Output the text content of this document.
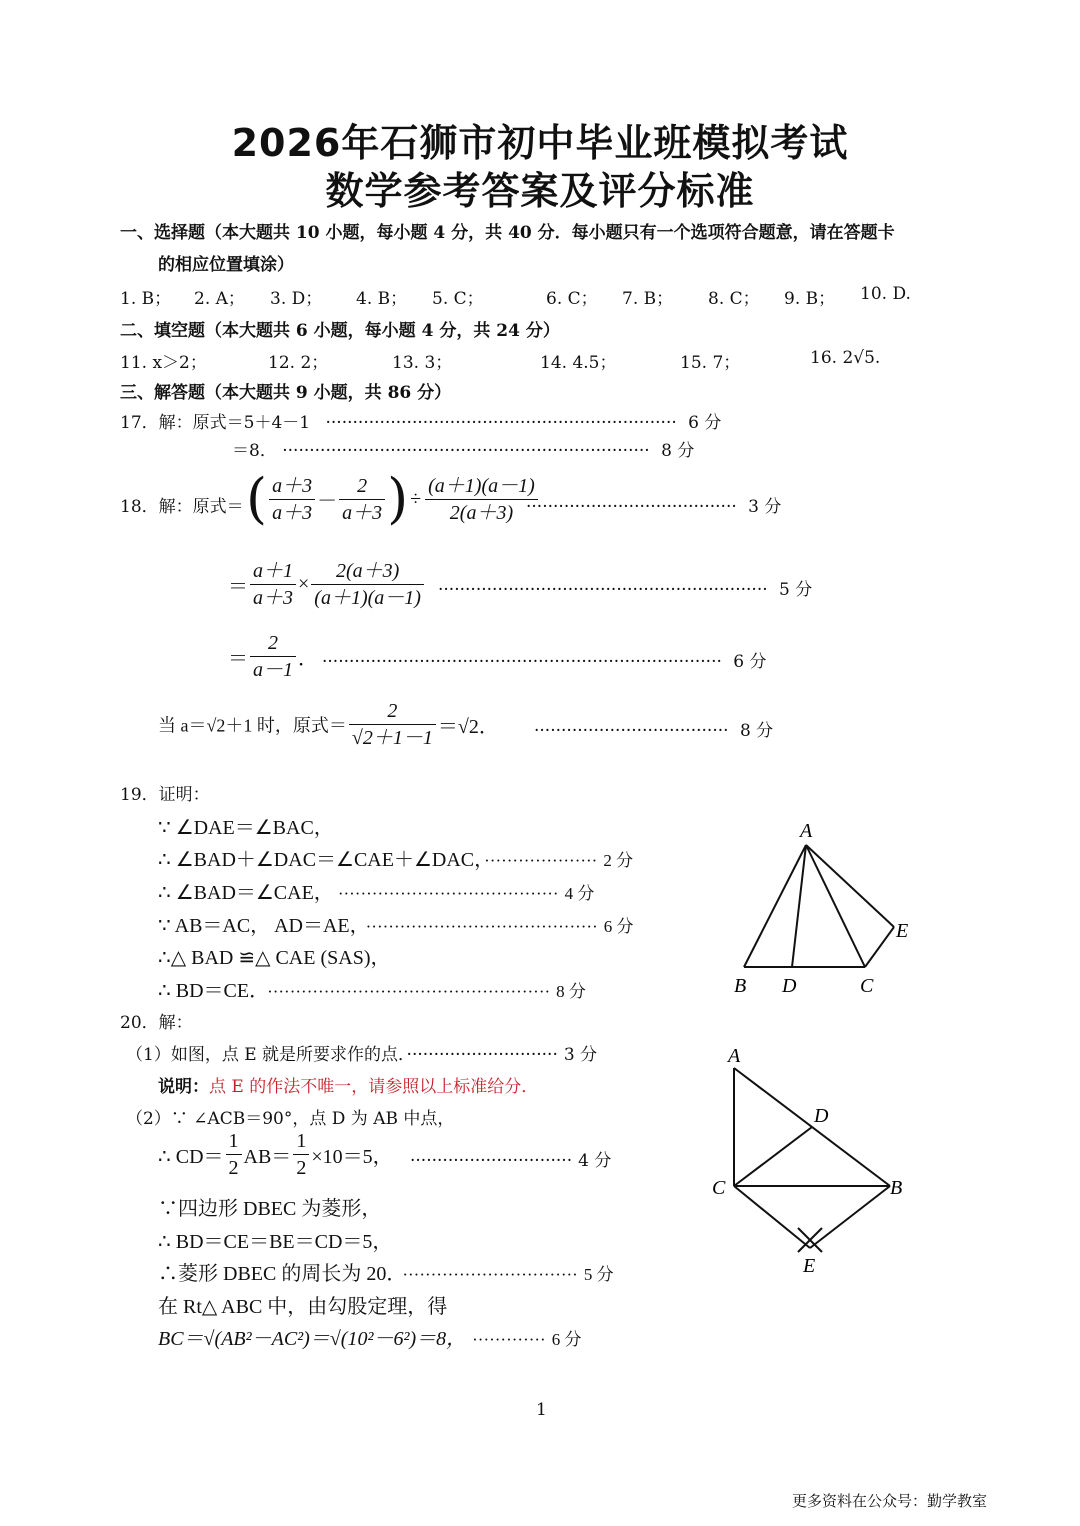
2026年石狮市初中毕业班模拟考试
数学参考答案及评分标准
一、选择题（本大题共 10 小题，每小题 4 分，共 40 分．每小题只有一个选项符合题意，请在答题卡
的相应位置填涂）
1. B； 2. A； 3. D； 4. B； 5. C；	6. C； 7. B； 8. C； 9. B； 10. D.
二、填空题（本大题共 6 小题，每小题 4 分，共 24 分）
11. x＞2；	12. 2；	13. 3；	14. 4.5；	15. 7；	16. 2√5.
三、解答题（本大题共 9 小题，共 86 分）
17．解：原式＝5＋4－1 ································································· 6 分
＝8． ···································································· 8 分
18．解：原式＝ ( $\frac{a+3}{a+3} - \frac{2}{a+3}$ ) ÷ $\frac{(a+1)(a-1)}{2(a+3)}$
······································· 3 分
＝ $\frac{a+1}{a+3} \times \frac{2(a+3)}{(a+1)(a-1)}$ ····························································· 5 分
＝ $\frac{2}{a-1}$ ． ·········································································· 6 分
当 a＝√2＋1 时，原式＝ $\frac{2}{√2+1-1} =√2$． ···································· 8 分
19．证明：
∵ ∠DAE＝∠BAC，
∴ ∠BAD＋∠DAC＝∠CAE＋∠DAC，···················· 2 分
∴ ∠BAD＝∠CAE， ······································· 4 分
∵ AB＝AC， AD＝AE， ········································· 6 分
∴△ BAD ≌△ CAE (SAS)，
∴ BD＝CE． ·················································· 8 分
A
B D	C
E
20．解：
（1）如图，点 E 就是所要求作的点．···························· 3 分
说明：点 E 的作法不唯一，请参照以上标准给分．
（2）∵ ∠ACB＝90°，点 D 为 AB 中点，
∴ $CD= \frac{1}{2} AB= \frac{1}{2} \times 10=5$， ······························ 4 分
∵四边形 DBEC 为菱形，
∴ BD＝CE＝BE＝CD＝5，
∴菱形 DBEC 的周长为 20． ······························· 5 分
在 Rt△ ABC 中，由勾股定理，得
BC＝√(AB²－AC²)＝√(10²－6²)＝8， ············· 6 分
A
D
C	B
E
1
更多资料在公众号：勤学教室
